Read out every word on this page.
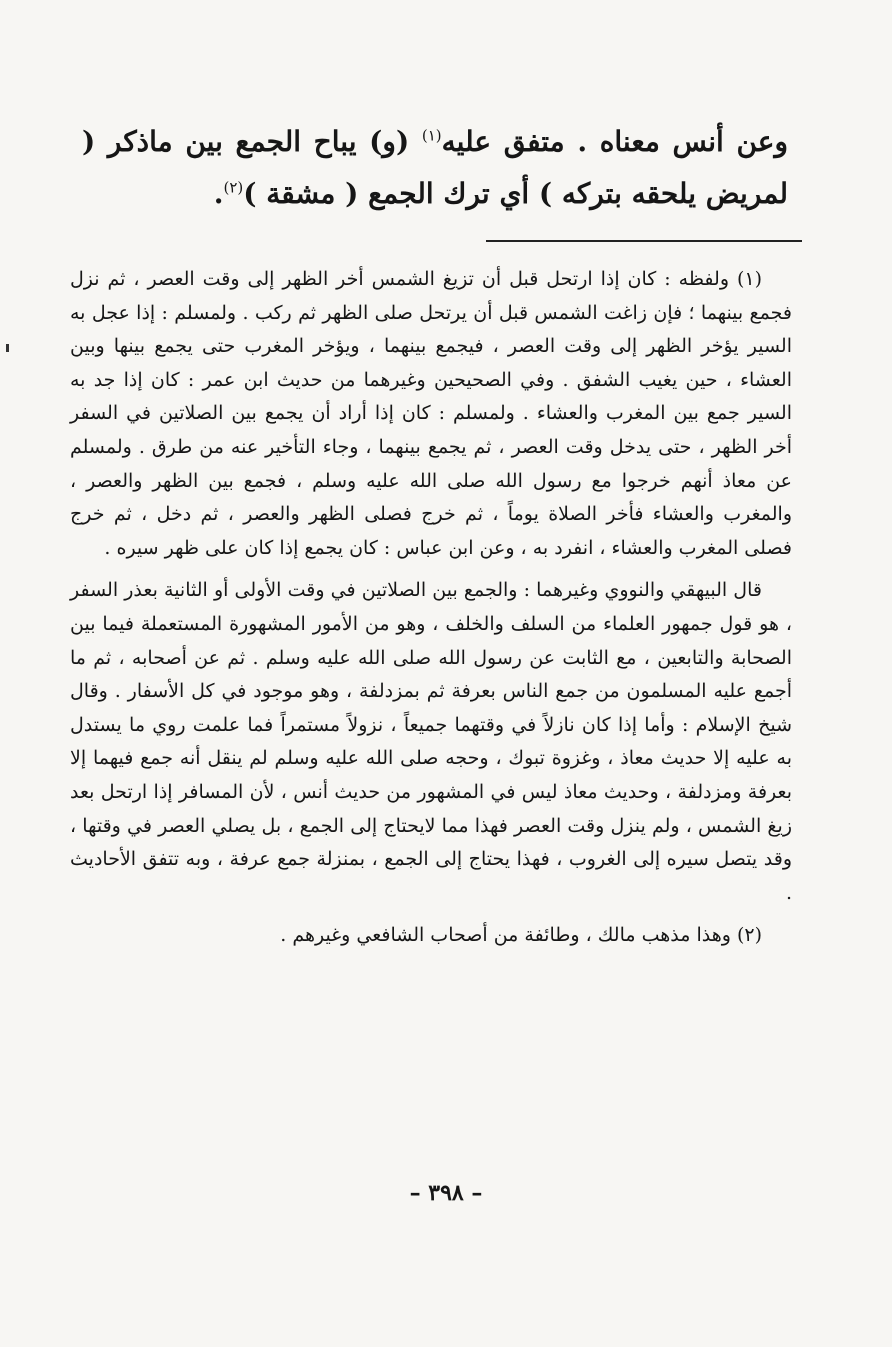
وعن أنس معناه . متفق عليه$^{(١)}$ (و) يباح الجمع بين ماذكر ( لمريض يلحقه بتركه ) أي ترك الجمع ( مشقة )$^{(٢)}$.

(١) ولفظه : كان إذا ارتحل قبل أن تزيغ الشمس أخر الظهر إلى وقت العصر ، ثم نزل فجمع بينهما ؛ فإن زاغت الشمس قبل أن يرتحل صلى الظهر ثم ركب . ولمسلم : إذا عجل به السير يؤخر الظهر إلى وقت العصر ، فيجمع بينهما ، ويؤخر المغرب حتى يجمع بينها وبين العشاء ، حين يغيب الشفق . وفي الصحيحين وغيرهما من حديث ابن عمر : كان إذا جد به السير جمع بين المغرب والعشاء . ولمسلم : كان إذا أراد أن يجمع بين الصلاتين في السفر أخر الظهر ، حتى يدخل وقت العصر ، ثم يجمع بينهما ، وجاء التأخير عنه من طرق . ولمسلم عن معاذ أنهم خرجوا مع رسول الله صلى الله عليه وسلم ، فجمع بين الظهر والعصر ، والمغرب والعشاء فأخر الصلاة يوماً ، ثم خرج فصلى الظهر والعصر ، ثم دخل ، ثم خرج فصلى المغرب والعشاء ، انفرد به ، وعن ابن عباس : كان يجمع إذا كان على ظهر سيره .

قال البيهقي والنووي وغيرهما : والجمع بين الصلاتين في وقت الأولى أو الثانية بعذر السفر ، هو قول جمهور العلماء من السلف والخلف ، وهو من الأمور المشهورة المستعملة فيما بين الصحابة والتابعين ، مع الثابت عن رسول الله صلى الله عليه وسلم . ثم عن أصحابه ، ثم ما أجمع عليه المسلمون من جمع الناس بعرفة ثم بمزدلفة ، وهو موجود في كل الأسفار . وقال شيخ الإسلام : وأما إذا كان نازلاً في وقتهما جميعاً ، نزولاً مستمراً فما علمت روي ما يستدل به عليه إلا حديث معاذ ، وغزوة تبوك ، وحجه صلى الله عليه وسلم لم ينقل أنه جمع فيهما إلا بعرفة ومزدلفة ، وحديث معاذ ليس في المشهور من حديث أنس ، لأن المسافر إذا ارتحل بعد زيغ الشمس ، ولم ينزل وقت العصر فهذا مما لايحتاج إلى الجمع ، بل يصلي العصر في وقتها ، وقد يتصل سيره إلى الغروب ، فهذا يحتاج إلى الجمع ، بمنزلة جمع عرفة ، وبه تتفق الأحاديث .

(٢) وهذا مذهب مالك ، وطائفة من أصحاب الشافعي وغيرهم .

– ٣٩٨ –
